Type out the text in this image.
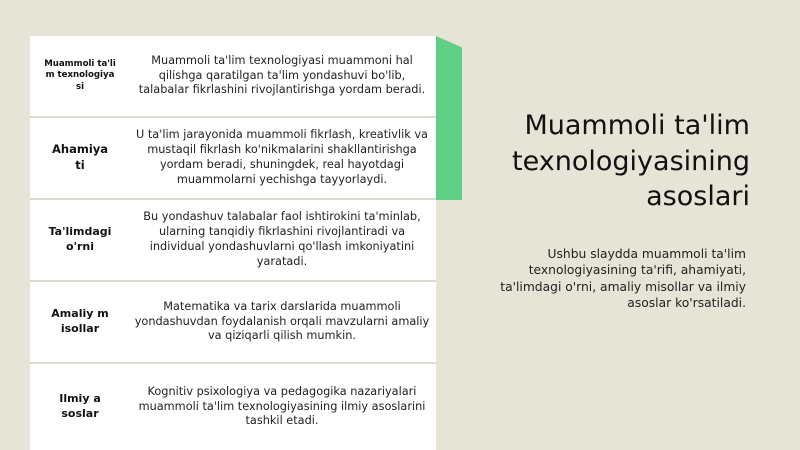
Muammoli ta'lim texnologiyasi
Muammoli ta'lim texnologiyasi muammoni hal qilishga qaratilgan ta'lim yondashuvi bo'lib, talabalar fikrlashini rivojlantirishga yordam beradi.
Ahamiyati
U ta'lim jarayonida muammoli fikrlash, kreativlik va mustaqil fikrlash ko'nikmalarini shakllantirishga yordam beradi, shuningdek, real hayotdagi muammolarni yechishga tayyorlaydi.
Ta'limdagi o'rni
Bu yondashuv talabalar faol ishtirokini ta'minlab, ularning tanqidiy fikrlashini rivojlantiradi va individual yondashuvlarni qo'llash imkoniyatini yaratadi.
Amaliy misollar
Matematika va tarix darslarida muammoli yondashuvdan foydalanish orqali mavzularni amaliy va qiziqarli qilish mumkin.
Ilmiy asoslar
Kognitiv psixologiya va pedagogika nazariyalari muammoli ta'lim texnologiyasining ilmiy asoslarini tashkil etadi.
Muammoli ta'lim texnologiyasining asoslari
Ushbu slaydda muammoli ta'lim texnologiyasining ta'rifi, ahamiyati, ta'limdagi o'rni, amaliy misollar va ilmiy asoslar ko'rsatiladi.
